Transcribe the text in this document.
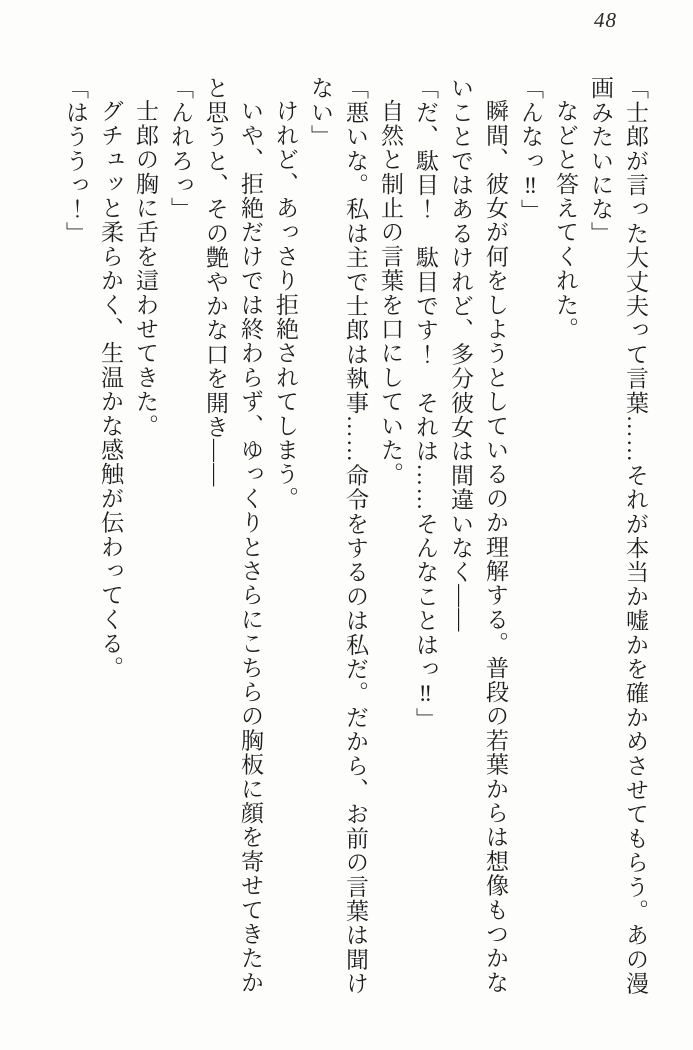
48

「士郎が言った大丈夫って言葉……それが本当か嘘かを確かめさせてもらう。あの漫

画みたいにな」

などと答えてくれた。

「んなっ‼」

瞬間、彼女が何をしようとしているのか理解する。普段の若葉からは想像もつかな

いことではあるけれど、多分彼女は間違いなく――

「だ、駄目！　駄目です！　それは……そんなことはっ‼」

自然と制止の言葉を口にしていた。

「悪いな。私は主で士郎は執事……命令をするのは私だ。だから、お前の言葉は聞け

ない」

けれど、あっさり拒絶されてしまう。

いや、拒絶だけでは終わらず、ゆっくりとさらにこちらの胸板に顔を寄せてきたか

と思うと、その艶やかな口を開き――

「んれろっ」

士郎の胸に舌を這わせてきた。

グチュッと柔らかく、生温かな感触が伝わってくる。

「はううっ！」
